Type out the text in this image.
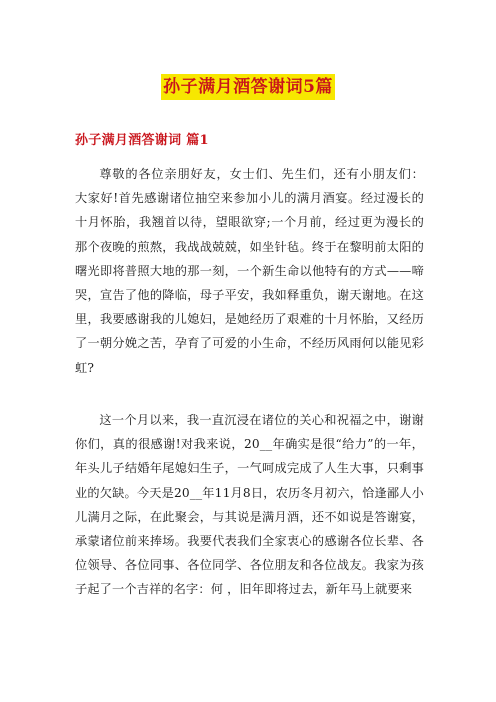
孙子满月酒答谢词5篇
孙子满月酒答谢词 篇1

尊敬的各位亲朋好友，女士们、先生们，还有小朋友们： 大家好!首先感谢诸位抽空来参加小儿的满月酒宴。经过漫长的十月怀胎，我翘首以待，望眼欲穿;一个月前，经过更为漫长的那个夜晚的煎熬，我战战兢兢，如坐针毡。终于在黎明前太阳的曙光即将普照大地的那一刻，一个新生命以他特有的方式——啼哭，宣告了他的降临，母子平安，我如释重负，谢天谢地。在这里，我要感谢我的儿媳妇，是她经历了艰难的十月怀胎，又经历了一朝分娩之苦，孕育了可爱的小生命，不经历风雨何以能见彩虹?

这一个月以来，我一直沉浸在诸位的关心和祝福之中，谢谢你们，真的很感谢!对我来说，20__年确实是很“给力”的一年，年头儿子结婚年尾媳妇生子，一气呵成完成了人生大事，只剩事业的欠缺。今天是20__年11月8日，农历冬月初六，恰逢鄙人小儿满月之际，在此聚会，与其说是满月酒，还不如说是答谢宴，承蒙诸位前来捧场。我要代表我们全家衷心的感谢各位长辈、各位领导、各位同事、各位同学、各位朋友和各位战友。我家为孩子起了一个吉祥的名字：何 ，旧年即将过去，新年马上就要来
